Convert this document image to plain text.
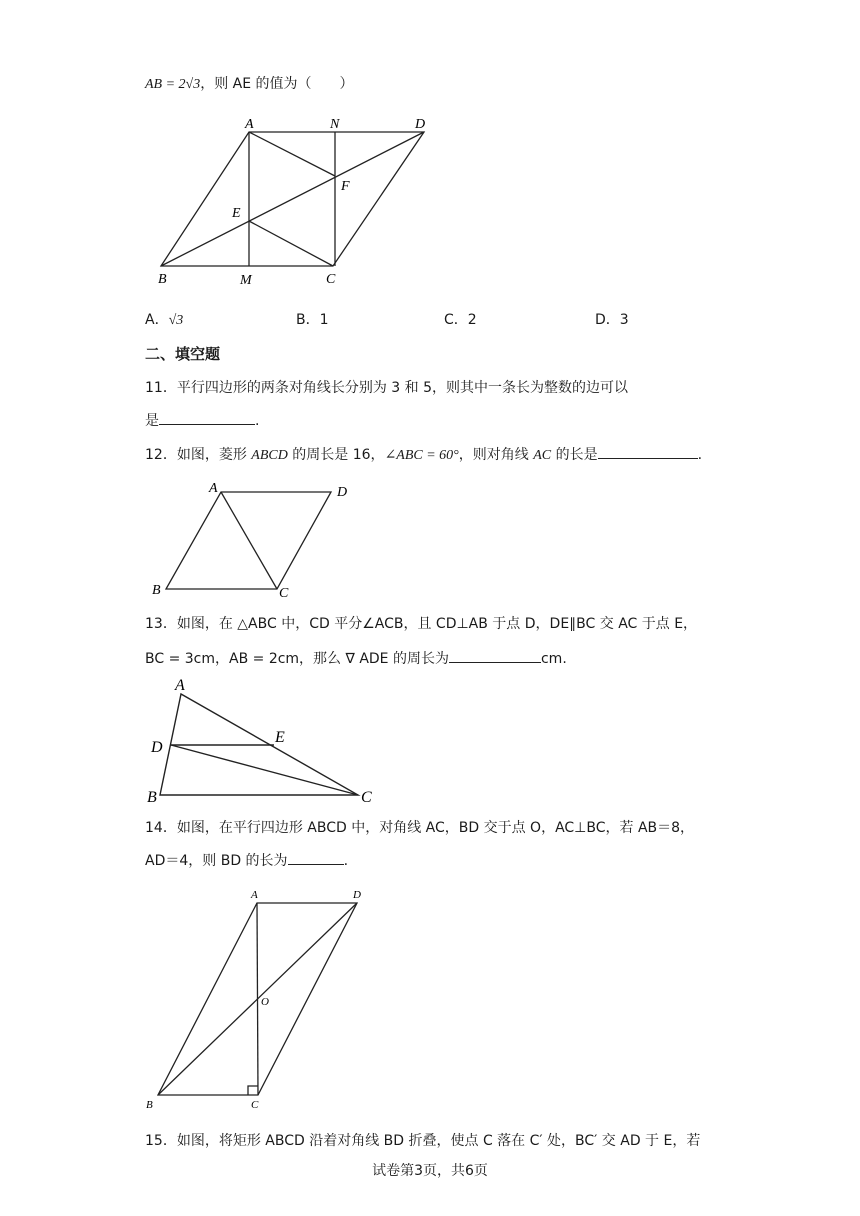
AB = 2√3，则 AE 的值为（　　）
A	N	D
F
E
B	M	C
A．√3	B．1	C．2	D．3
二、填空题
11．平行四边形的两条对角线长分别为 3 和 5，则其中一条长为整数的边可以
是	.
12．如图，菱形 ABCD 的周长是 16，∠ABC = 60°，则对角线 AC 的长是	.
A	D
B	C
13．如图，在 △ABC 中，CD 平分∠ACB，且 CD⊥AB 于点 D，DE∥BC 交 AC 于点 E，
BC = 3cm，AB = 2cm，那么 ∇ ADE 的周长为	cm.
A
E
D
B	C
14．如图，在平行四边形 ABCD 中，对角线 AC，BD 交于点 O，AC⊥BC，若 AB＝8，
AD＝4，则 BD 的长为	.
A	D
O
B	C
15．如图，将矩形 ABCD 沿着对角线 BD 折叠，使点 C 落在 C′ 处，BC′ 交 AD 于 E，若
试卷第3页，共6页
